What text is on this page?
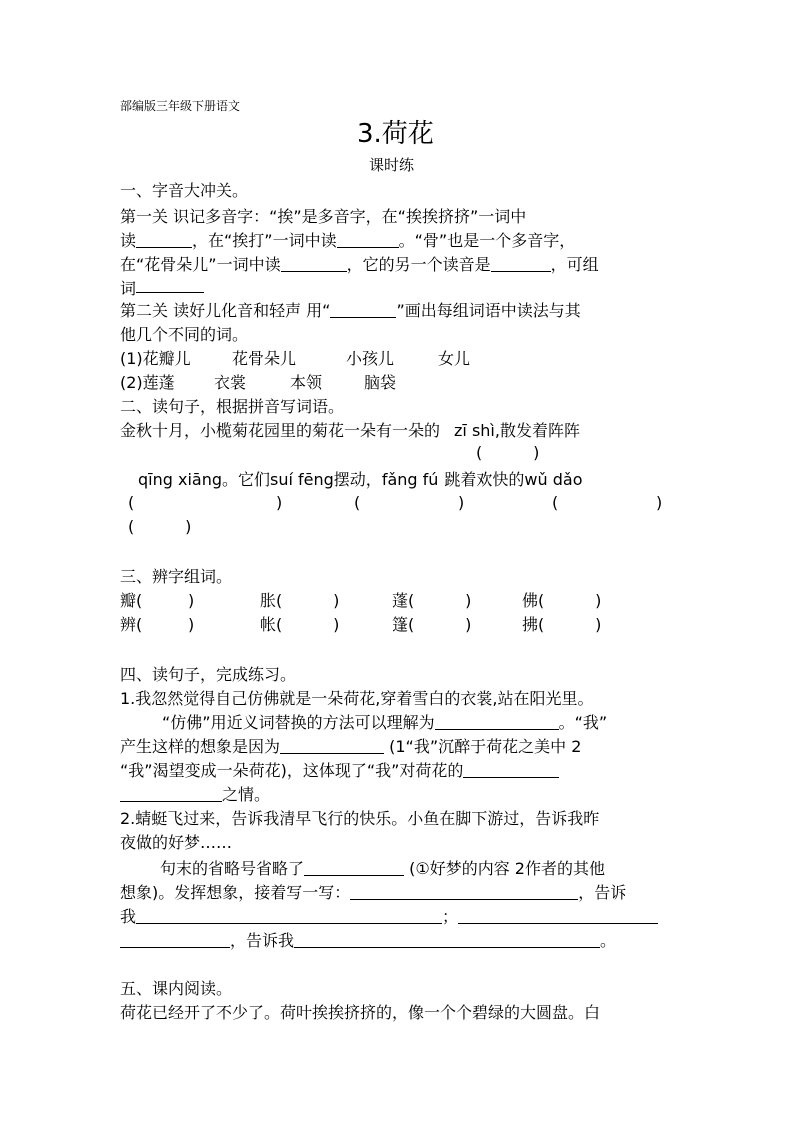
部编版三年级下册语文
3.荷花
课时练
一、字音大冲关。
第一关 识记多音字：“挨”是多音字，在“挨挨挤挤”一词中
读	，在“挨打”一词中读	。“骨”也是一个多音字，
在“花骨朵儿”一词中读	，它的另一个读音是	，可组
词
第二关 读好儿化音和轻声 用“	”画出每组词语中读法与其
他几个不同的词。
(1)花瓣儿	花骨朵儿	小孩儿	女儿
(2)莲蓬 衣裳	本领	脑袋
二、读句子，根据拼音写词语。
金秋十月，小榄菊花园里的菊花一朵有一朵的 zī shì,散发着阵阵
(          )
qīng xiāng。它们suí fēng摆动，fǎng fú 跳着欢快的wǔ dǎo
(	)	(	)	(	)
(          )
三、辨字组词。
瓣(         )	胀(          )	蓬(          )	佛(          )
辨(         )	帐(          )	篷(          )	拂(          )
四、读句子，完成练习。
1.我忽然觉得自己仿佛就是一朵荷花,穿着雪白的衣裳,站在阳光里。
“仿佛”用近义词替换的方法可以理解为	。“我”
产生这样的想象是因为	(1“我”沉醉于荷花之美中 2
“我”渴望变成一朵荷花)，这体现了“我”对荷花的
之情。
2.蜻蜓飞过来，告诉我清早飞行的快乐。小鱼在脚下游过，告诉我昨
夜做的好梦……
句末的省略号省略了	(①好梦的内容 2作者的其他
想象)。发挥想象，接着写一写：	，告诉
我	；
，告诉我	。
五、课内阅读。
荷花已经开了不少了。荷叶挨挨挤挤的，像一个个碧绿的大圆盘。白
